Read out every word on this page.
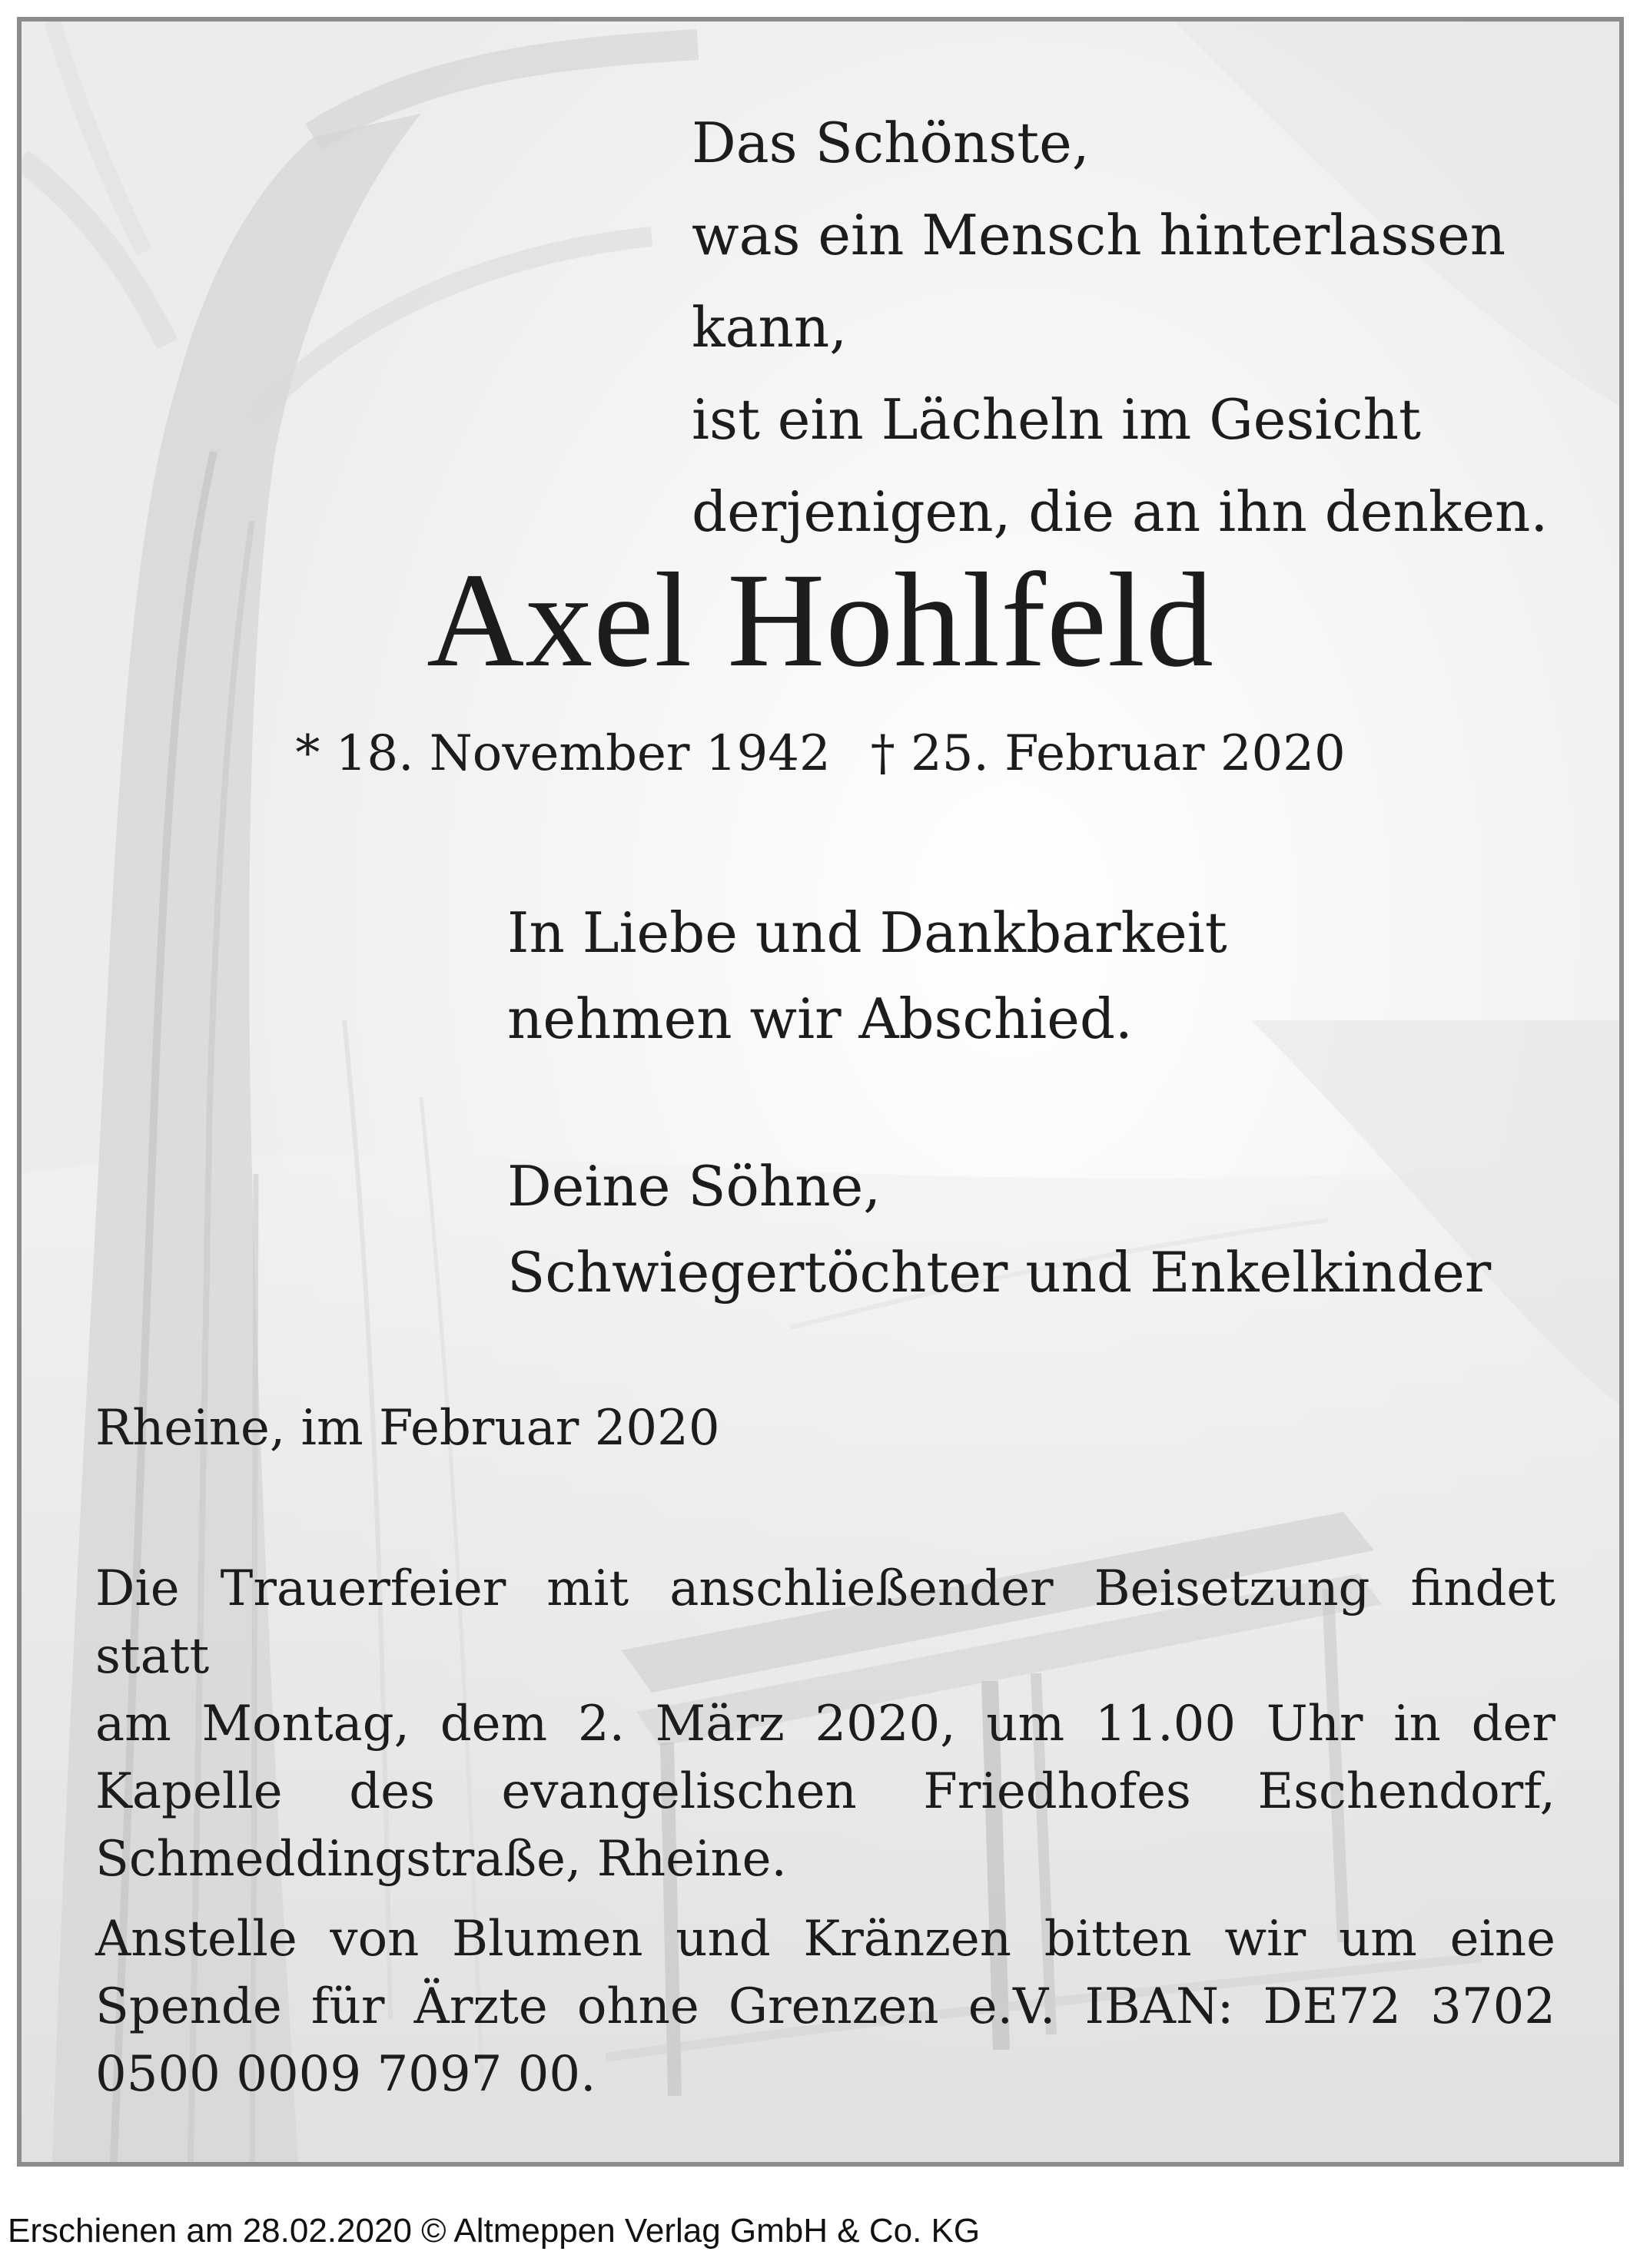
Das Schönste,
was ein Mensch hinterlassen kann,
ist ein Lächeln im Gesicht
derjenigen, die an ihn denken.
Axel Hohlfeld
* 18. November 1942 † 25. Februar 2020
In Liebe und Dankbarkeit
nehmen wir Abschied.
Deine Söhne,
Schwiegertöchter und Enkelkinder
Rheine, im Februar 2020
Die Trauerfeier mit anschließender Beisetzung findet statt
am Montag, dem 2. März 2020, um 11.00 Uhr in der
Kapelle des evangelischen Friedhofes Eschendorf,
Schmeddingstraße, Rheine.
Anstelle von Blumen und Kränzen bitten wir um eine
Spende für Ärzte ohne Grenzen e.V. IBAN: DE72 3702
0500 0009 7097 00.

Erschienen am 28.02.2020 © Altmeppen Verlag GmbH & Co. KG
